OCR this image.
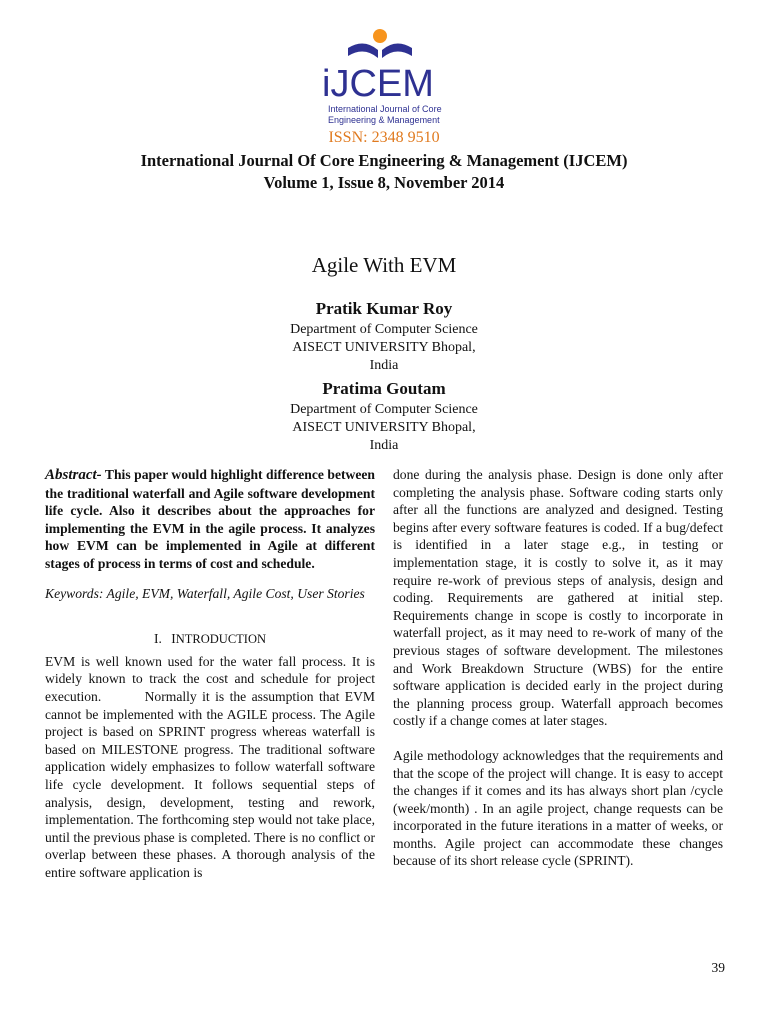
iJCEM
International Journal of Core
Engineering & Management
ISSN: 2348 9510
International Journal Of Core Engineering & Management (IJCEM)
Volume 1, Issue 8, November 2014
Agile With EVM
Pratik Kumar Roy
Department of Computer Science
AISECT UNIVERSITY Bhopal,
India
Pratima Goutam
Department of Computer Science
AISECT UNIVERSITY Bhopal,
India

Abstract- This paper would highlight difference between the traditional waterfall and Agile software development life cycle. Also it describes about the approaches for implementing the EVM in the agile process. It analyzes how EVM can be implemented in Agile at different stages of process in terms of cost and schedule.

Keywords: Agile, EVM, Waterfall, Agile Cost, User Stories

I. INTRODUCTION

EVM is well known used for the water fall process. It is widely known to track the cost and schedule for project execution.        Normally it is the assumption that EVM cannot be implemented with the AGILE process. The Agile project is based on SPRINT progress whereas waterfall is based on MILESTONE progress. The traditional software application widely emphasizes to follow waterfall software life cycle development. It follows sequential steps of analysis, design, development, testing and rework, implementation. The forthcoming step would not take place, until the previous phase is completed. There is no conflict or overlap between these phases. A thorough analysis of the entire software application is

done during the analysis phase. Design is done only after completing the analysis phase. Software coding starts only after all the functions are analyzed and designed. Testing begins after every software features is coded. If a bug/defect is identified in a later stage e.g., in testing or implementation stage, it is costly to solve it, as it may require re-work of previous steps of analysis, design and coding. Requirements are gathered at initial step. Requirements change in scope is costly to incorporate in waterfall project, as it may need to re-work of many of the previous stages of software development. The milestones and Work Breakdown Structure (WBS) for the entire software application is decided early in the project during the planning process group. Waterfall approach becomes costly if a change comes at later stages.

Agile methodology acknowledges that the requirements and that the scope of the project will change. It is easy to accept the changes if it comes and its has always short plan /cycle (week/month) . In an agile project, change requests can be incorporated in the future iterations in a matter of weeks, or months. Agile project can accommodate these changes because of its short release cycle (SPRINT).

39
